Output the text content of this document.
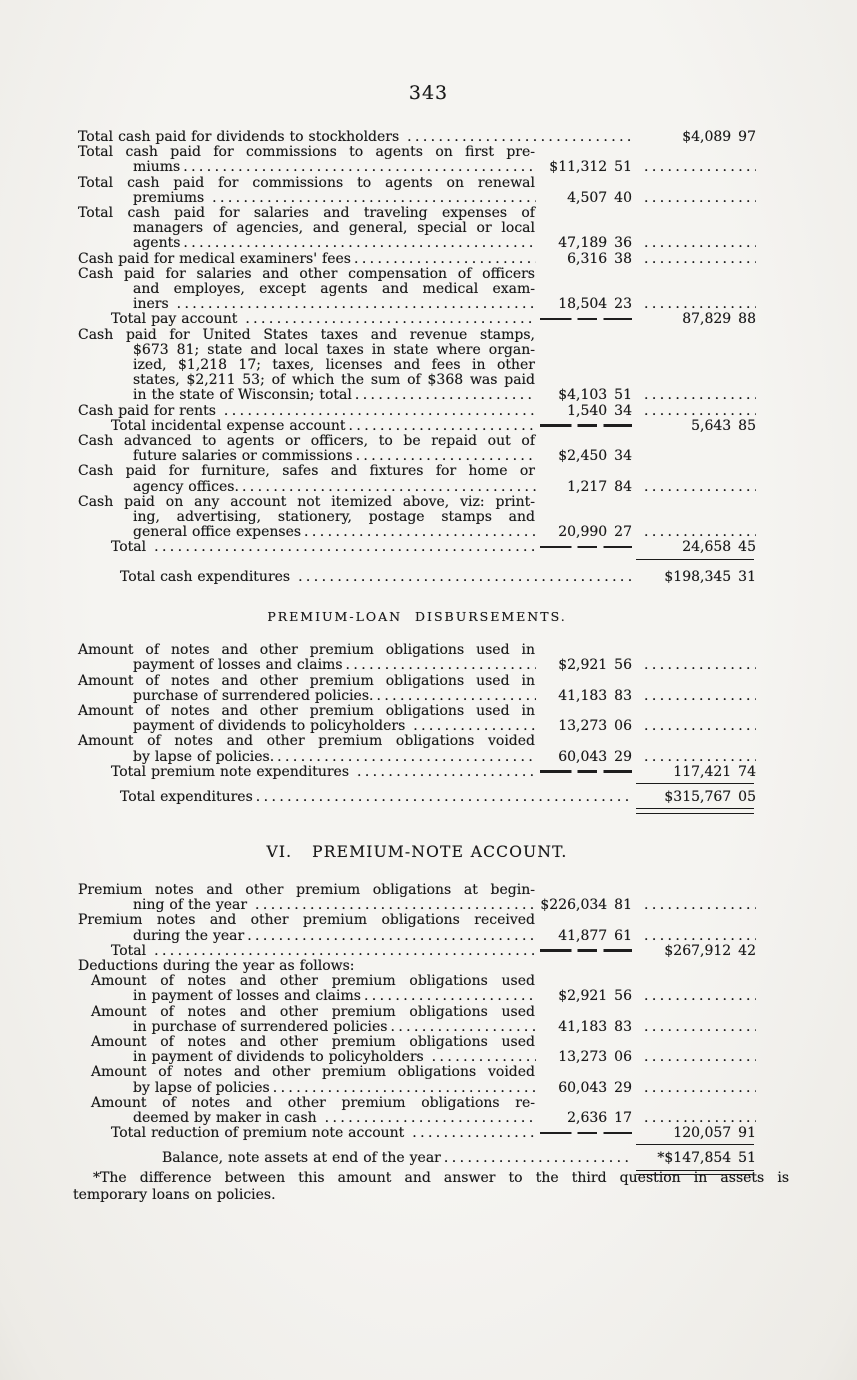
343
Total cash paid for dividends to stockholders .....	$4,089 97
Total cash paid for commissions to agents on first pre-
miums .....	$11,312 51
.....
Total cash paid for commissions to agents on renewal
premiums .....	4,507 40
.....
Total cash paid for salaries and traveling expenses of
managers of agencies, and general, special or local
agents .....	47,189 36
.....
Cash paid for medical examiners' fees .....	6,316 38
.....
Cash paid for salaries and other compensation of officers
and employes, except agents and medical exam-
iners .....	18,504 23
.....
Total pay account .....	87,829 88
Cash paid for United States taxes and revenue stamps,
$673 81; state and local taxes in state where organ-
ized, $1,218 17; taxes, licenses and fees in other
states, $2,211 53; of which the sum of $368 was paid
in the state of Wisconsin; total .....	$4,103 51
.....
Cash paid for rents .....	1,540 34
.....
Total incidental expense account .....	5,643 85
Cash advanced to agents or officers, to be repaid out of
future salaries or commissions .....	$2,450 34
Cash paid for furniture, safes and fixtures for home or
agency offices. .....	1,217 84
.....
Cash paid on any account not itemized above, viz: print-
ing, advertising, stationery, postage stamps and
general office expenses .....	20,990 27
.....
Total .....	24,658 45
Total cash expenditures .....	$198,345 31
PREMIUM-LOAN  DISBURSEMENTS.
Amount of notes and other premium obligations used in
payment of losses and claims .....	$2,921 56
.....
Amount of notes and other premium obligations used in
purchase of surrendered policies. .....	41,183 83
.....
Amount of notes and other premium obligations used in
payment of dividends to policyholders .....	13,273 06
.....
Amount of notes and other premium obligations voided
by lapse of policies. .....	60,043 29
.....
Total premium note expenditures .....	117,421 74
Total expenditures .....	$315,767 05
VI.   PREMIUM-NOTE ACCOUNT.
Premium notes and other premium obligations at begin-
ning of the year .....	$226,034 81
.....
Premium notes and other premium obligations received
during the year .....	41,877 61
.....
Total .....	$267,912 42
Deductions during the year as follows:
Amount of notes and other premium obligations used
in payment of losses and claims .....	$2,921 56
.....
Amount of notes and other premium obligations used
in purchase of surrendered policies .....	41,183 83
.....
Amount of notes and other premium obligations used
in payment of dividends to policyholders .....	13,273 06
.....
Amount of notes and other premium obligations voided
by lapse of policies .....	60,043 29
.....
Amount of notes and other premium obligations re-
deemed by maker in cash .....	2,636 17
.....
Total reduction of premium note account .....	120,057 91
Balance, note assets at end of the year .....	*$147,854 51
*The difference between this amount and answer to the third question in assets is
temporary loans on policies.
